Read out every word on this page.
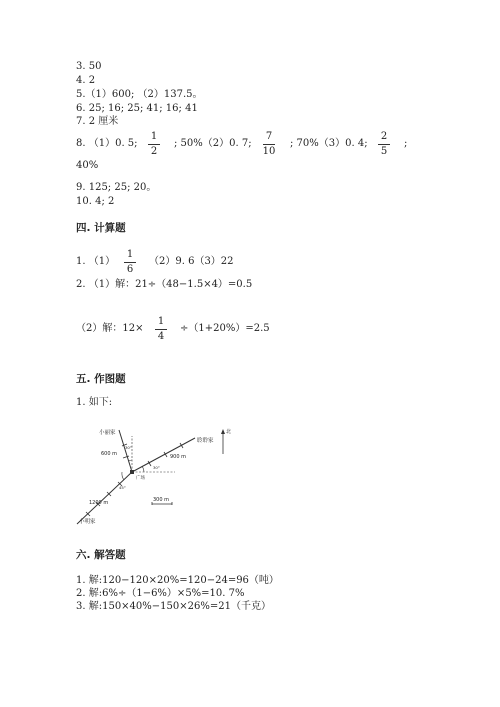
3. 50
4. 2
5.（1）600; （2）137.5。
6. 25; 16; 25; 41; 16; 41
7. 2 厘米
8. （1）0. 5;
1
2
; 50%（2）0. 7;
7
10
; 70%（3）0. 4;
2
5
;
40%
9. 125; 25; 20。
10. 4; 2
四. 计算题
1. （1）
1
6
（2）9. 6（3）22
2. （1）解：21÷（48−1.5×4）=0.5
（2）解：12×
1
4
÷（1+20%）=2.5
五. 作图题
1. 如下:
小丽家
聆聆家
小明家
广场
北
600 m	900 m
1200 m	300 m
30°
30°
45°
六. 解答题
1. 解:120−120×20%=120−24=96（吨）
2. 解:6%÷（1−6%）×5%=10. 7%
3. 解:150×40%−150×26%=21（千克）
